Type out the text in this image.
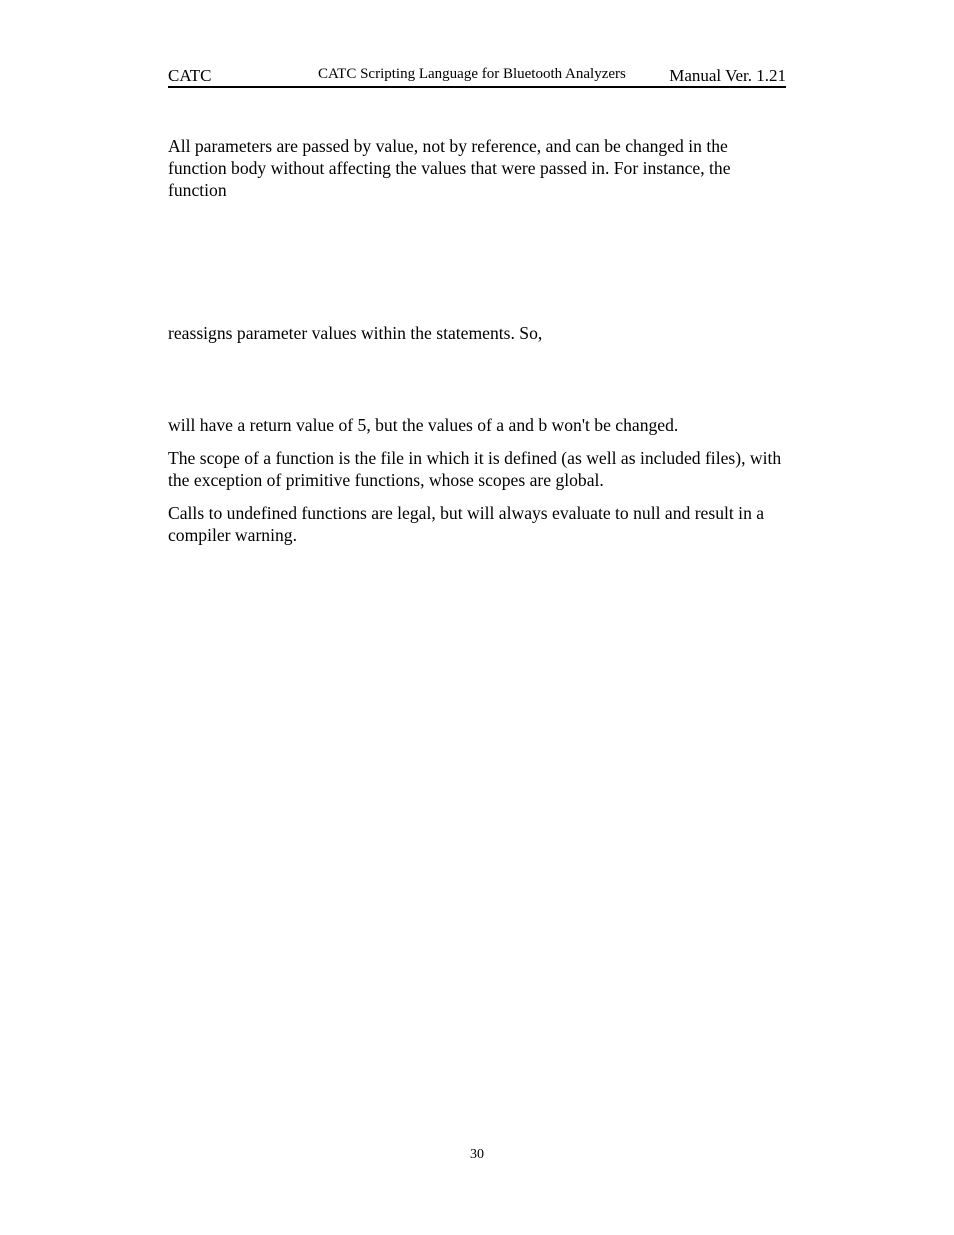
CATC	CATC Scripting Language for Bluetooth Analyzers	Manual Ver. 1.21

All parameters are passed by value, not by reference, and can be changed in the function body without affecting the values that were passed in. For instance, the function

reassigns parameter values within the statements. So,

will have a return value of 5, but the values of a and b won't be changed.

The scope of a function is the file in which it is defined (as well as included files), with the exception of primitive functions, whose scopes are global.

Calls to undefined functions are legal, but will always evaluate to null and result in a compiler warning.

30
